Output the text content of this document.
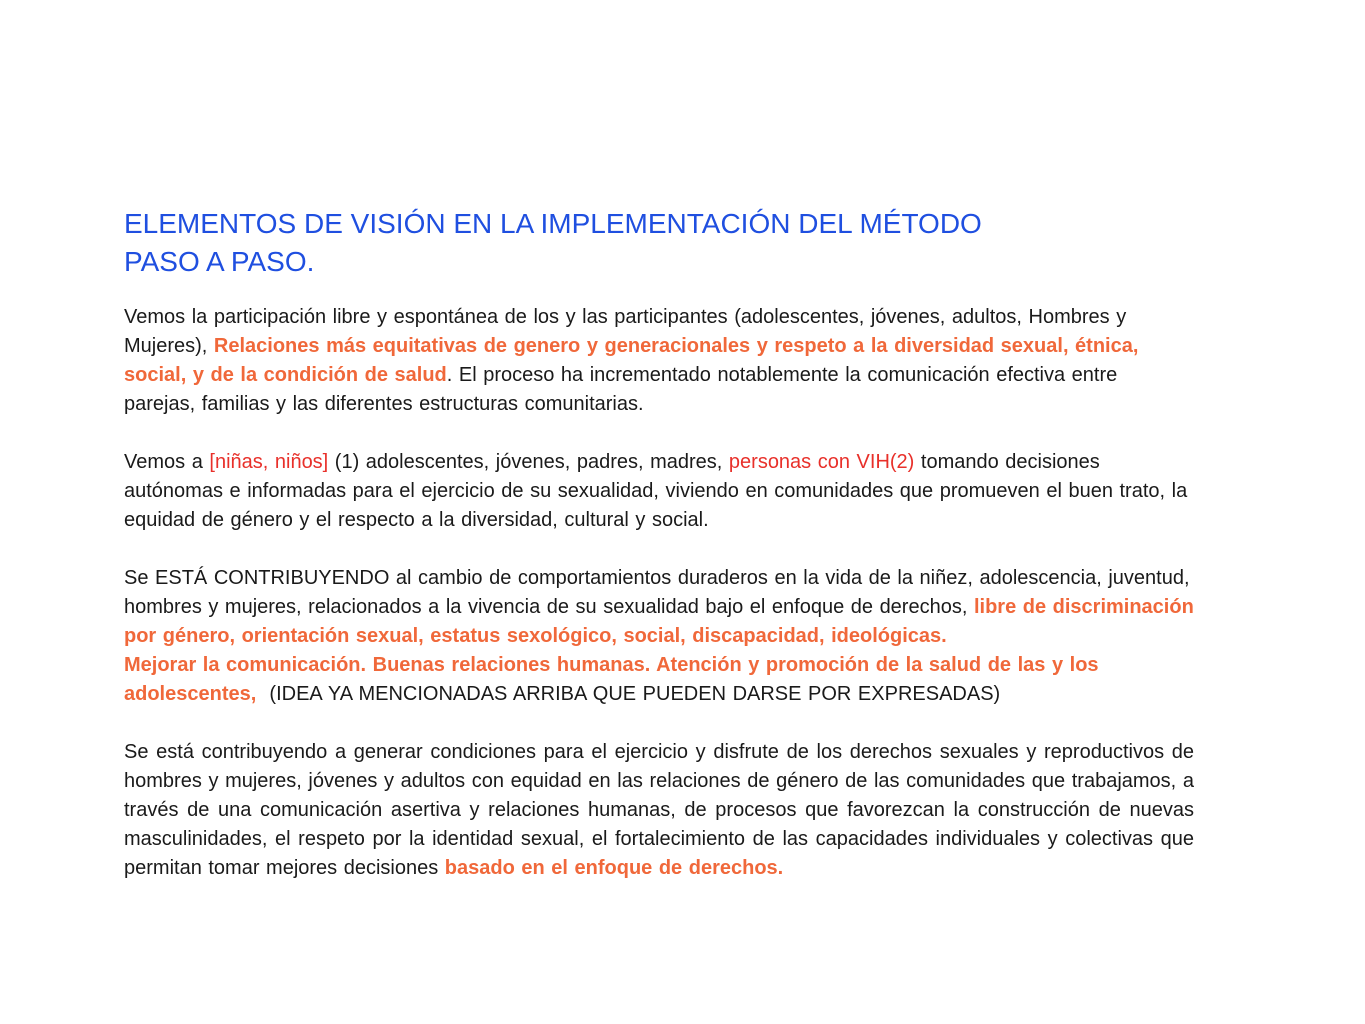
ELEMENTOS DE VISIÓN EN LA IMPLEMENTACIÓN DEL MÉTODO
PASO A PASO.

Vemos la participación libre y espontánea de los y las participantes (adolescentes, jóvenes, adultos, Hombres y Mujeres), Relaciones más equitativas de genero y generacionales y respeto a la diversidad sexual, étnica, social, y de la condición de salud. El proceso ha incrementado notablemente la comunicación efectiva entre parejas, familias y las diferentes estructuras comunitarias.

Vemos a [niñas, niños] (1) adolescentes, jóvenes, padres, madres, personas con VIH(2) tomando decisiones autónomas e informadas para el ejercicio de su sexualidad, viviendo en comunidades que promueven el buen trato, la equidad de género y el respecto a la diversidad, cultural y social.

Se ESTÁ CONTRIBUYENDO al cambio de comportamientos duraderos en la vida de la niñez, adolescencia, juventud, hombres y mujeres, relacionados a la vivencia de su sexualidad bajo el enfoque de derechos, libre de discriminación por género, orientación sexual, estatus sexológico, social, discapacidad, ideológicas.

Mejorar la comunicación. Buenas relaciones humanas. Atención y promoción de la salud de las y los adolescentes,  (IDEA YA MENCIONADAS ARRIBA QUE PUEDEN DARSE POR EXPRESADAS)

Se está contribuyendo a generar condiciones para el ejercicio y disfrute de los derechos sexuales y reproductivos de hombres y mujeres, jóvenes y adultos con equidad en las relaciones de género de las comunidades que trabajamos, a través de una comunicación asertiva y relaciones humanas, de procesos que favorezcan la construcción de nuevas masculinidades, el respeto por la identidad sexual, el fortalecimiento de las capacidades individuales y colectivas que permitan tomar mejores decisiones basado en el enfoque de derechos.
